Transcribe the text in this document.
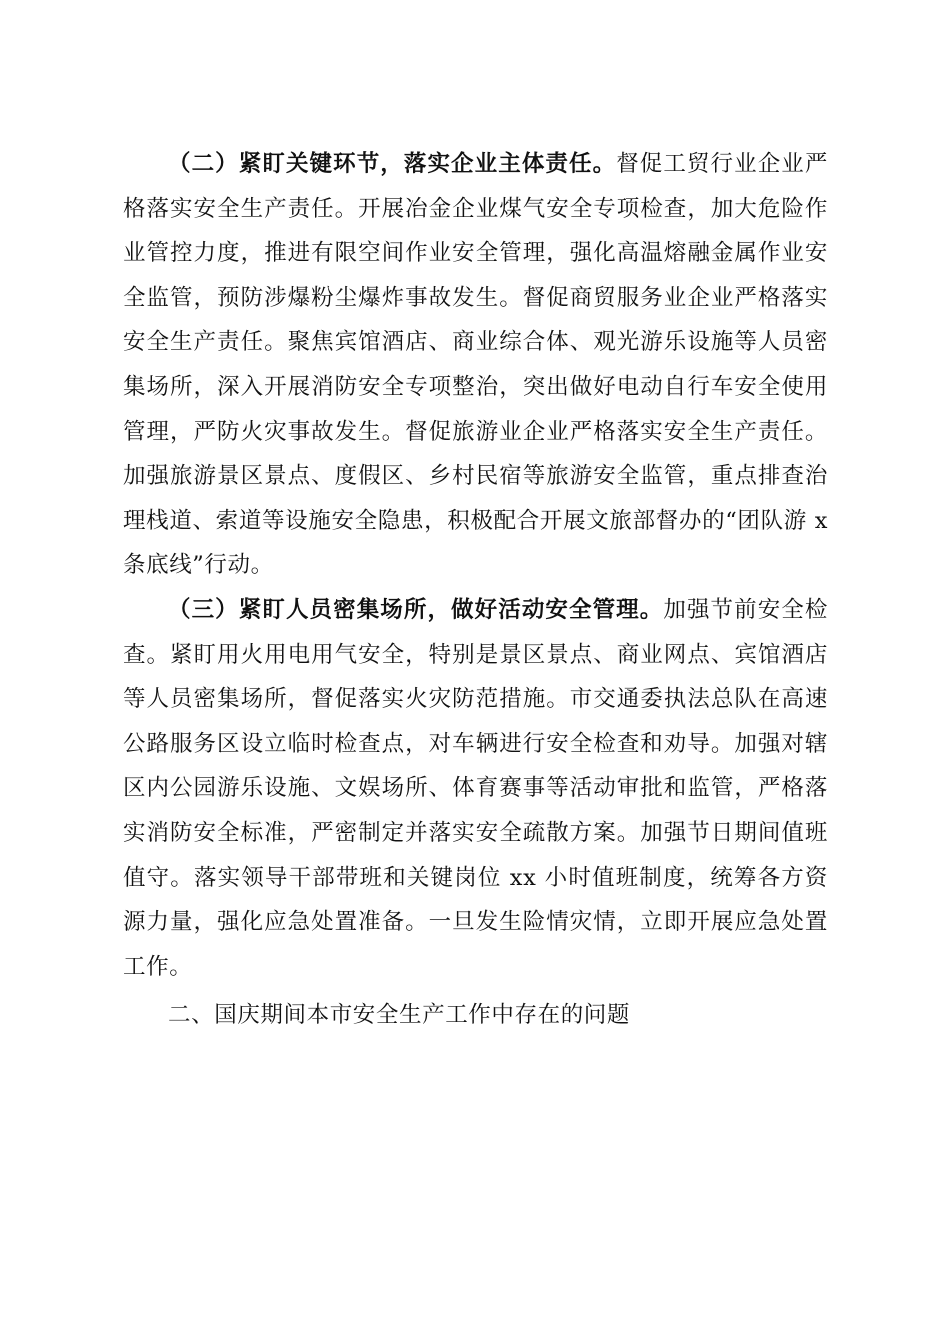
（二）紧盯关键环节，落实企业主体责任。督促工贸行业企业严格落实安全生产责任。开展冶金企业煤气安全专项检查，加大危险作业管控力度，推进有限空间作业安全管理，强化高温熔融金属作业安全监管，预防涉爆粉尘爆炸事故发生。督促商贸服务业企业严格落实安全生产责任。聚焦宾馆酒店、商业综合体、观光游乐设施等人员密集场所，深入开展消防安全专项整治，突出做好电动自行车安全使用管理，严防火灾事故发生。督促旅游业企业严格落实安全生产责任。加强旅游景区景点、度假区、乡村民宿等旅游安全监管，重点排查治理栈道、索道等设施安全隐患，积极配合开展文旅部督办的“团队游 x 条底线”行动。

（三）紧盯人员密集场所，做好活动安全管理。加强节前安全检查。紧盯用火用电用气安全，特别是景区景点、商业网点、宾馆酒店等人员密集场所，督促落实火灾防范措施。市交通委执法总队在高速公路服务区设立临时检查点，对车辆进行安全检查和劝导。加强对辖区内公园游乐设施、文娱场所、体育赛事等活动审批和监管，严格落实消防安全标准，严密制定并落实安全疏散方案。加强节日期间值班值守。落实领导干部带班和关键岗位 xx 小时值班制度，统筹各方资源力量，强化应急处置准备。一旦发生险情灾情，立即开展应急处置工作。

二、国庆期间本市安全生产工作中存在的问题
